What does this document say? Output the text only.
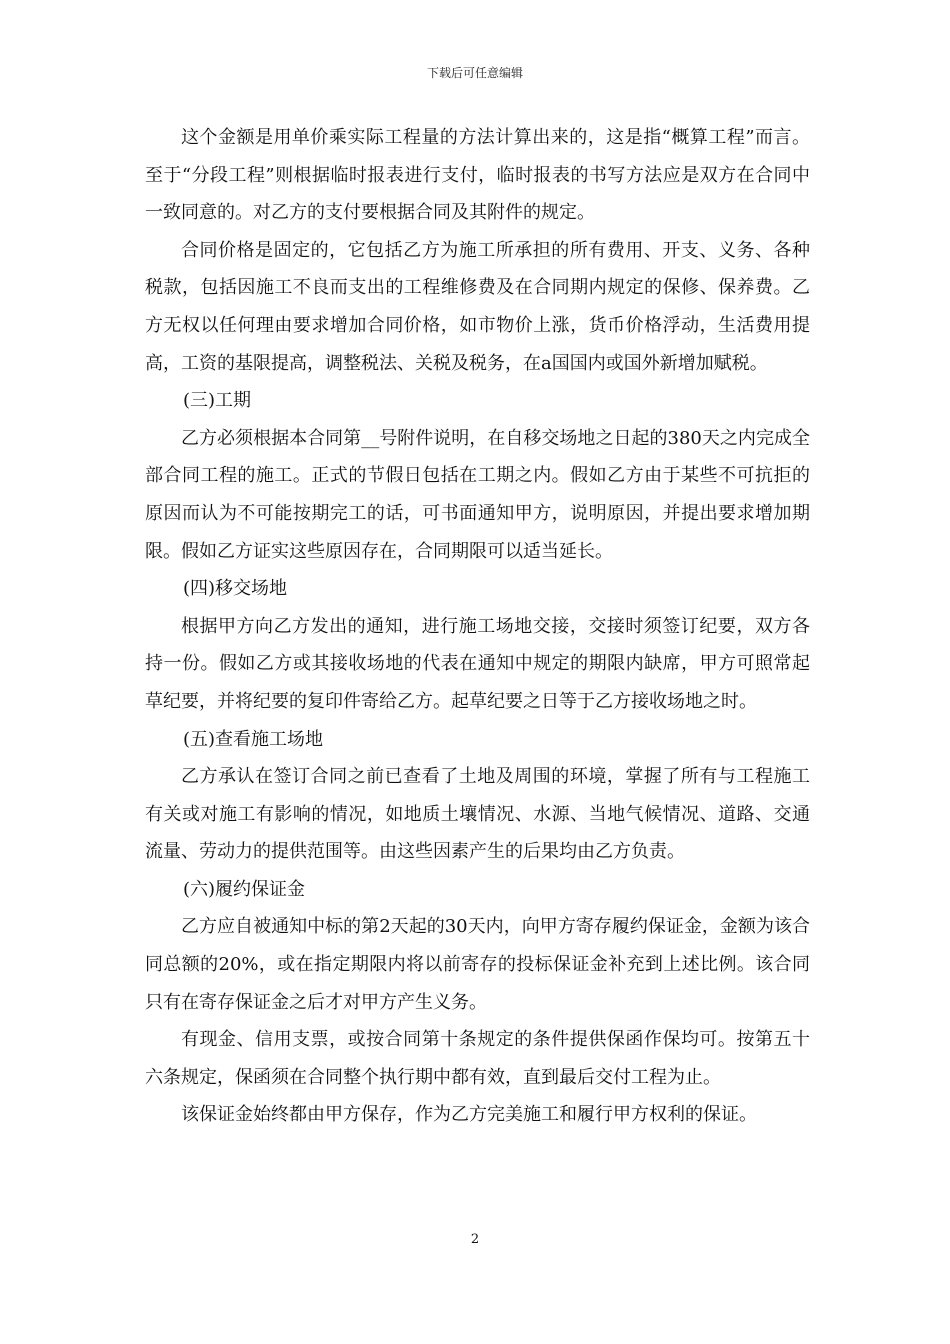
下载后可任意编辑

这个金额是用单价乘实际工程量的方法计算出来的，这是指“概算工程”而言。至于“分段工程”则根据临时报表进行支付，临时报表的书写方法应是双方在合同中一致同意的。对乙方的支付要根据合同及其附件的规定。

合同价格是固定的，它包括乙方为施工所承担的所有费用、开支、义务、各种税款，包括因施工不良而支出的工程维修费及在合同期内规定的保修、保养费。乙方无权以任何理由要求增加合同价格，如市物价上涨，货币价格浮动，生活费用提高，工资的基限提高，调整税法、关税及税务，在a国国内或国外新增加赋税。

(三)工期

乙方必须根据本合同第__号附件说明，在自移交场地之日起的380天之内完成全部合同工程的施工。正式的节假日包括在工期之内。假如乙方由于某些不可抗拒的原因而认为不可能按期完工的话，可书面通知甲方，说明原因，并提出要求增加期限。假如乙方证实这些原因存在，合同期限可以适当延长。

(四)移交场地

根据甲方向乙方发出的通知，进行施工场地交接，交接时须签订纪要，双方各持一份。假如乙方或其接收场地的代表在通知中规定的期限内缺席，甲方可照常起草纪要，并将纪要的复印件寄给乙方。起草纪要之日等于乙方接收场地之时。

(五)查看施工场地

乙方承认在签订合同之前已查看了土地及周围的环境，掌握了所有与工程施工有关或对施工有影响的情况，如地质土壤情况、水源、当地气候情况、道路、交通流量、劳动力的提供范围等。由这些因素产生的后果均由乙方负责。

(六)履约保证金

乙方应自被通知中标的第2天起的30天内，向甲方寄存履约保证金，金额为该合同总额的20%，或在指定期限内将以前寄存的投标保证金补充到上述比例。该合同只有在寄存保证金之后才对甲方产生义务。

有现金、信用支票，或按合同第十条规定的条件提供保函作保均可。按第五十六条规定，保函须在合同整个执行期中都有效，直到最后交付工程为止。

该保证金始终都由甲方保存，作为乙方完美施工和履行甲方权利的保证。

2
